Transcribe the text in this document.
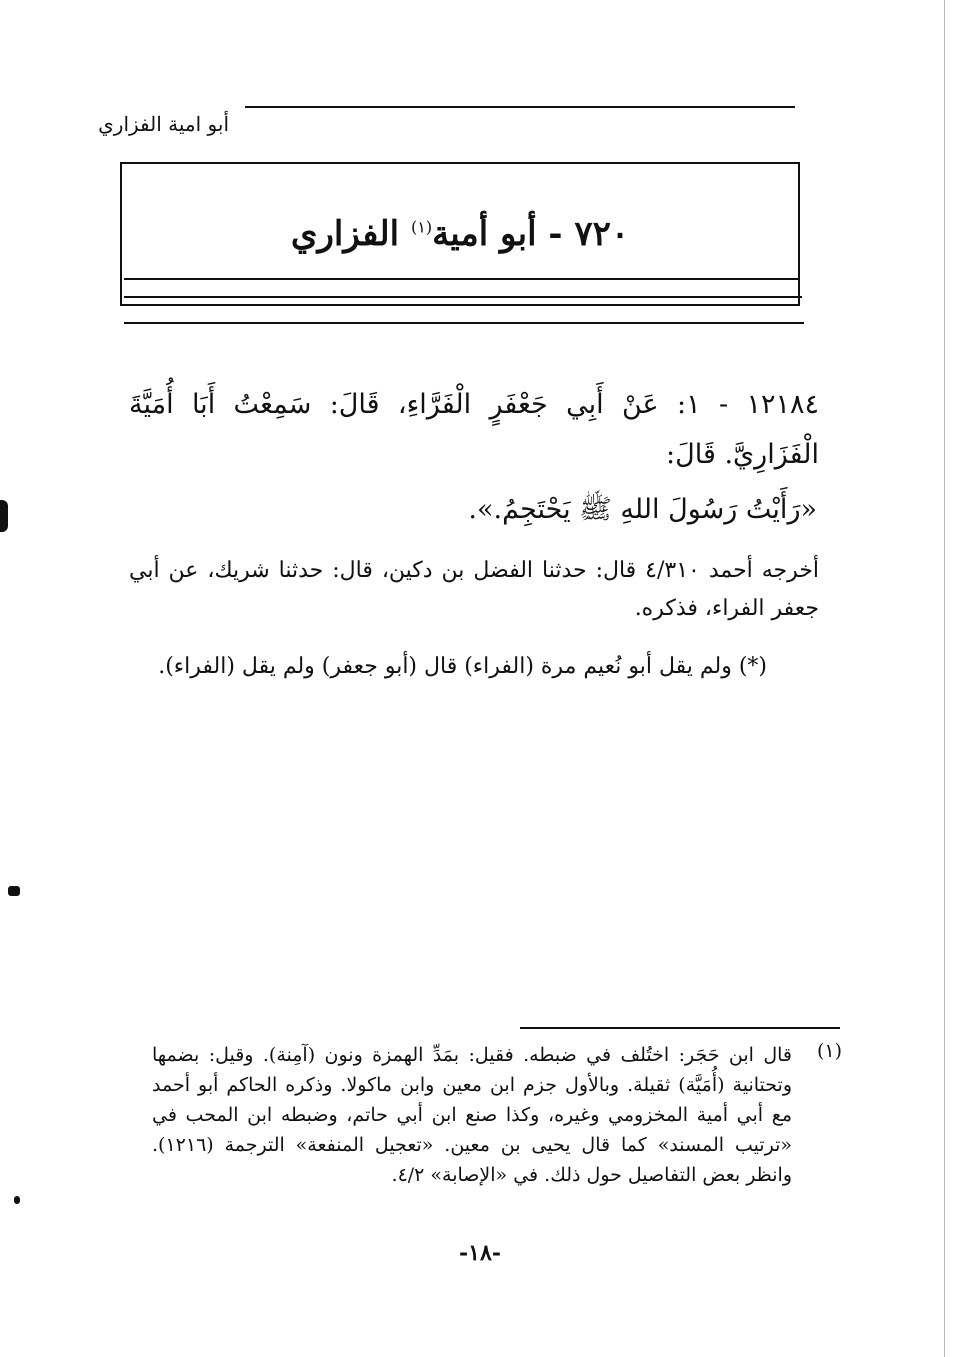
أبو امية الفزاري
٧٢٠ - أبو أمية$^{(١)}$ الفزاري
١٢١٨٤ - ١: عَنْ أَبِي جَعْفَرٍ الْفَرَّاءِ، قَالَ: سَمِعْتُ أَبَا أُمَيَّةَ الْفَزَارِيَّ. قَالَ:
«رَأَيْتُ رَسُولَ اللهِ ﷺ يَحْتَجِمُ.».
أخرجه أحمد ٤/٣١٠ قال: حدثنا الفضل بن دكين، قال: حدثنا شريك، عن أبي جعفر الفراء، فذكره.
(*) ولم يقل أبو نُعيم مرة (الفراء) قال (أبو جعفر) ولم يقل (الفراء).
(١)
قال ابن حَجَر: اختُلف في ضبطه. فقيل: بمَدِّ الهمزة ونون (آمِنة). وقيل: بضمها وتحتانية (أُمَيَّة) ثقيلة. وبالأول جزم ابن معين وابن ماكولا. وذكره الحاكم أبو أحمد مع أبي أمية المخزومي وغيره، وكذا صنع ابن أبي حاتم، وضبطه ابن المحب في «ترتيب المسند» كما قال يحيى بن معين. «تعجيل المنفعة» الترجمة (١٢١٦). وانظر بعض التفاصيل حول ذلك. في «الإصابة» ٤/٢.
-١٨-
